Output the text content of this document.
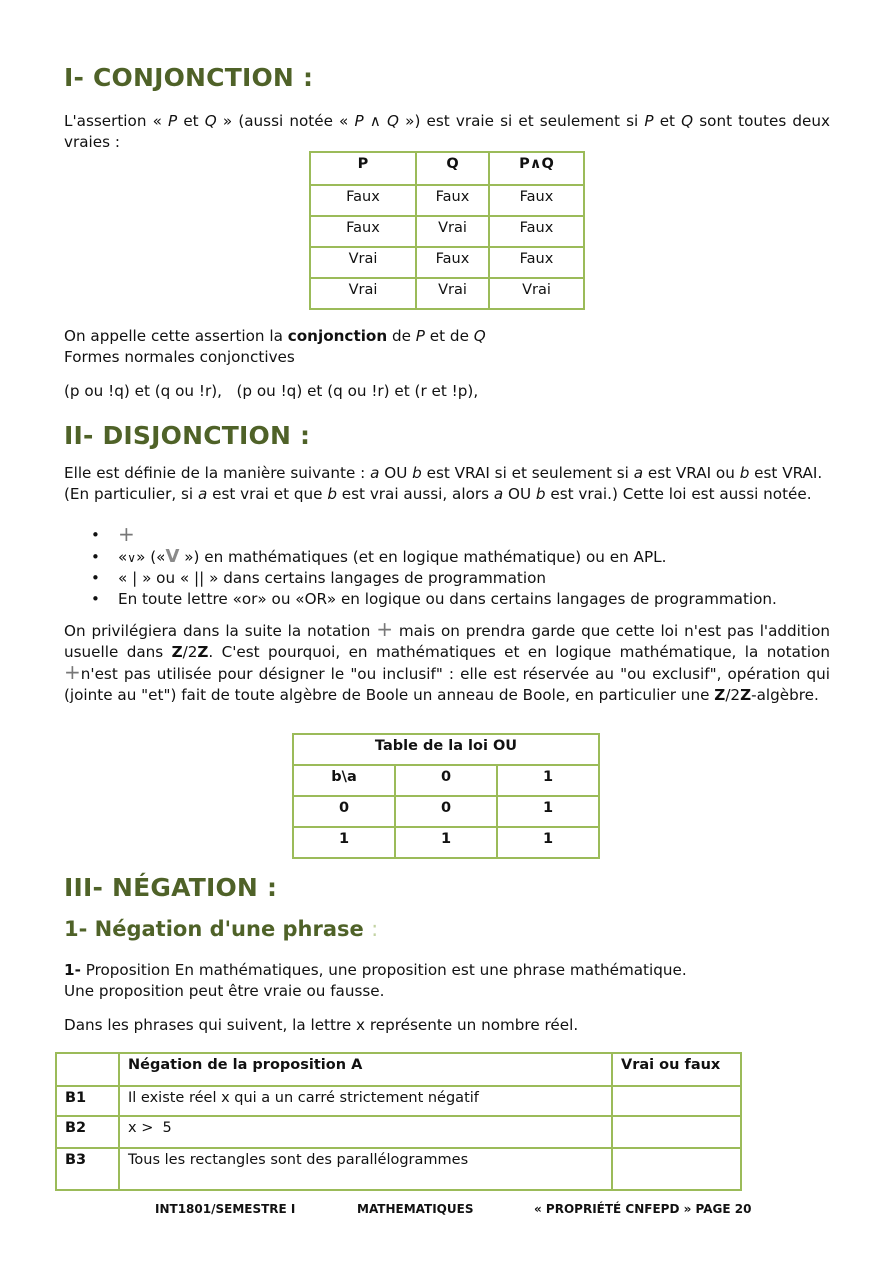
I- CONJONCTION :

L'assertion « P et Q » (aussi notée « P ∧ Q ») est vraie si et seulement si P et Q sont toutes deux vraies :

P	Q	P∧Q
Faux	Faux	Faux
Faux	Vrai	Faux
Vrai	Faux	Faux
Vrai	Vrai	Vrai

On appelle cette assertion la conjonction de P et de Q

Formes normales conjonctives

(p ou !q) et (q ou !r),   (p ou !q) et (q ou !r) et (r et !p),

II- DISJONCTION :

Elle est définie de la manière suivante : a OU b est VRAI si et seulement si a est VRAI ou b est VRAI. (En particulier, si a est vrai et que b est vrai aussi, alors a OU b est vrai.) Cette loi est aussi notée.

• +
• «∨» («V ») en mathématiques (et en logique mathématique) ou en APL.
• « | » ou « || » dans certains langages de programmation
• En toute lettre «or» ou «OR» en logique ou dans certains langages de programmation.

On privilégiera dans la suite la notation + mais on prendra garde que cette loi n'est pas l'addition usuelle dans Z/2Z. C'est pourquoi, en mathématiques et en logique mathématique, la notation +n'est pas utilisée pour désigner le "ou inclusif" : elle est réservée au "ou exclusif", opération qui (jointe au "et") fait de toute algèbre de Boole un anneau de Boole, en particulier une Z/2Z-algèbre.

Table de la loi OU		
b\a	0	1
0	0	1
1	1	1
III- NÉGATION :
1- Négation d'une phrase :

1- Proposition En mathématiques, une proposition est une phrase mathématique.

Une proposition peut être vraie ou fausse.

Dans les phrases qui suivent, la lettre x représente un nombre réel.

	Négation de la proposition A	Vrai ou faux
B1	Il existe réel x qui a un carré strictement négatif	
B2	x >  5	
B3	Tous les rectangles sont des parallélogrammes	
INT1801/SEMESTRE I	MATHEMATIQUES	« PROPRIÉTÉ CNFEPD » PAGE 20
